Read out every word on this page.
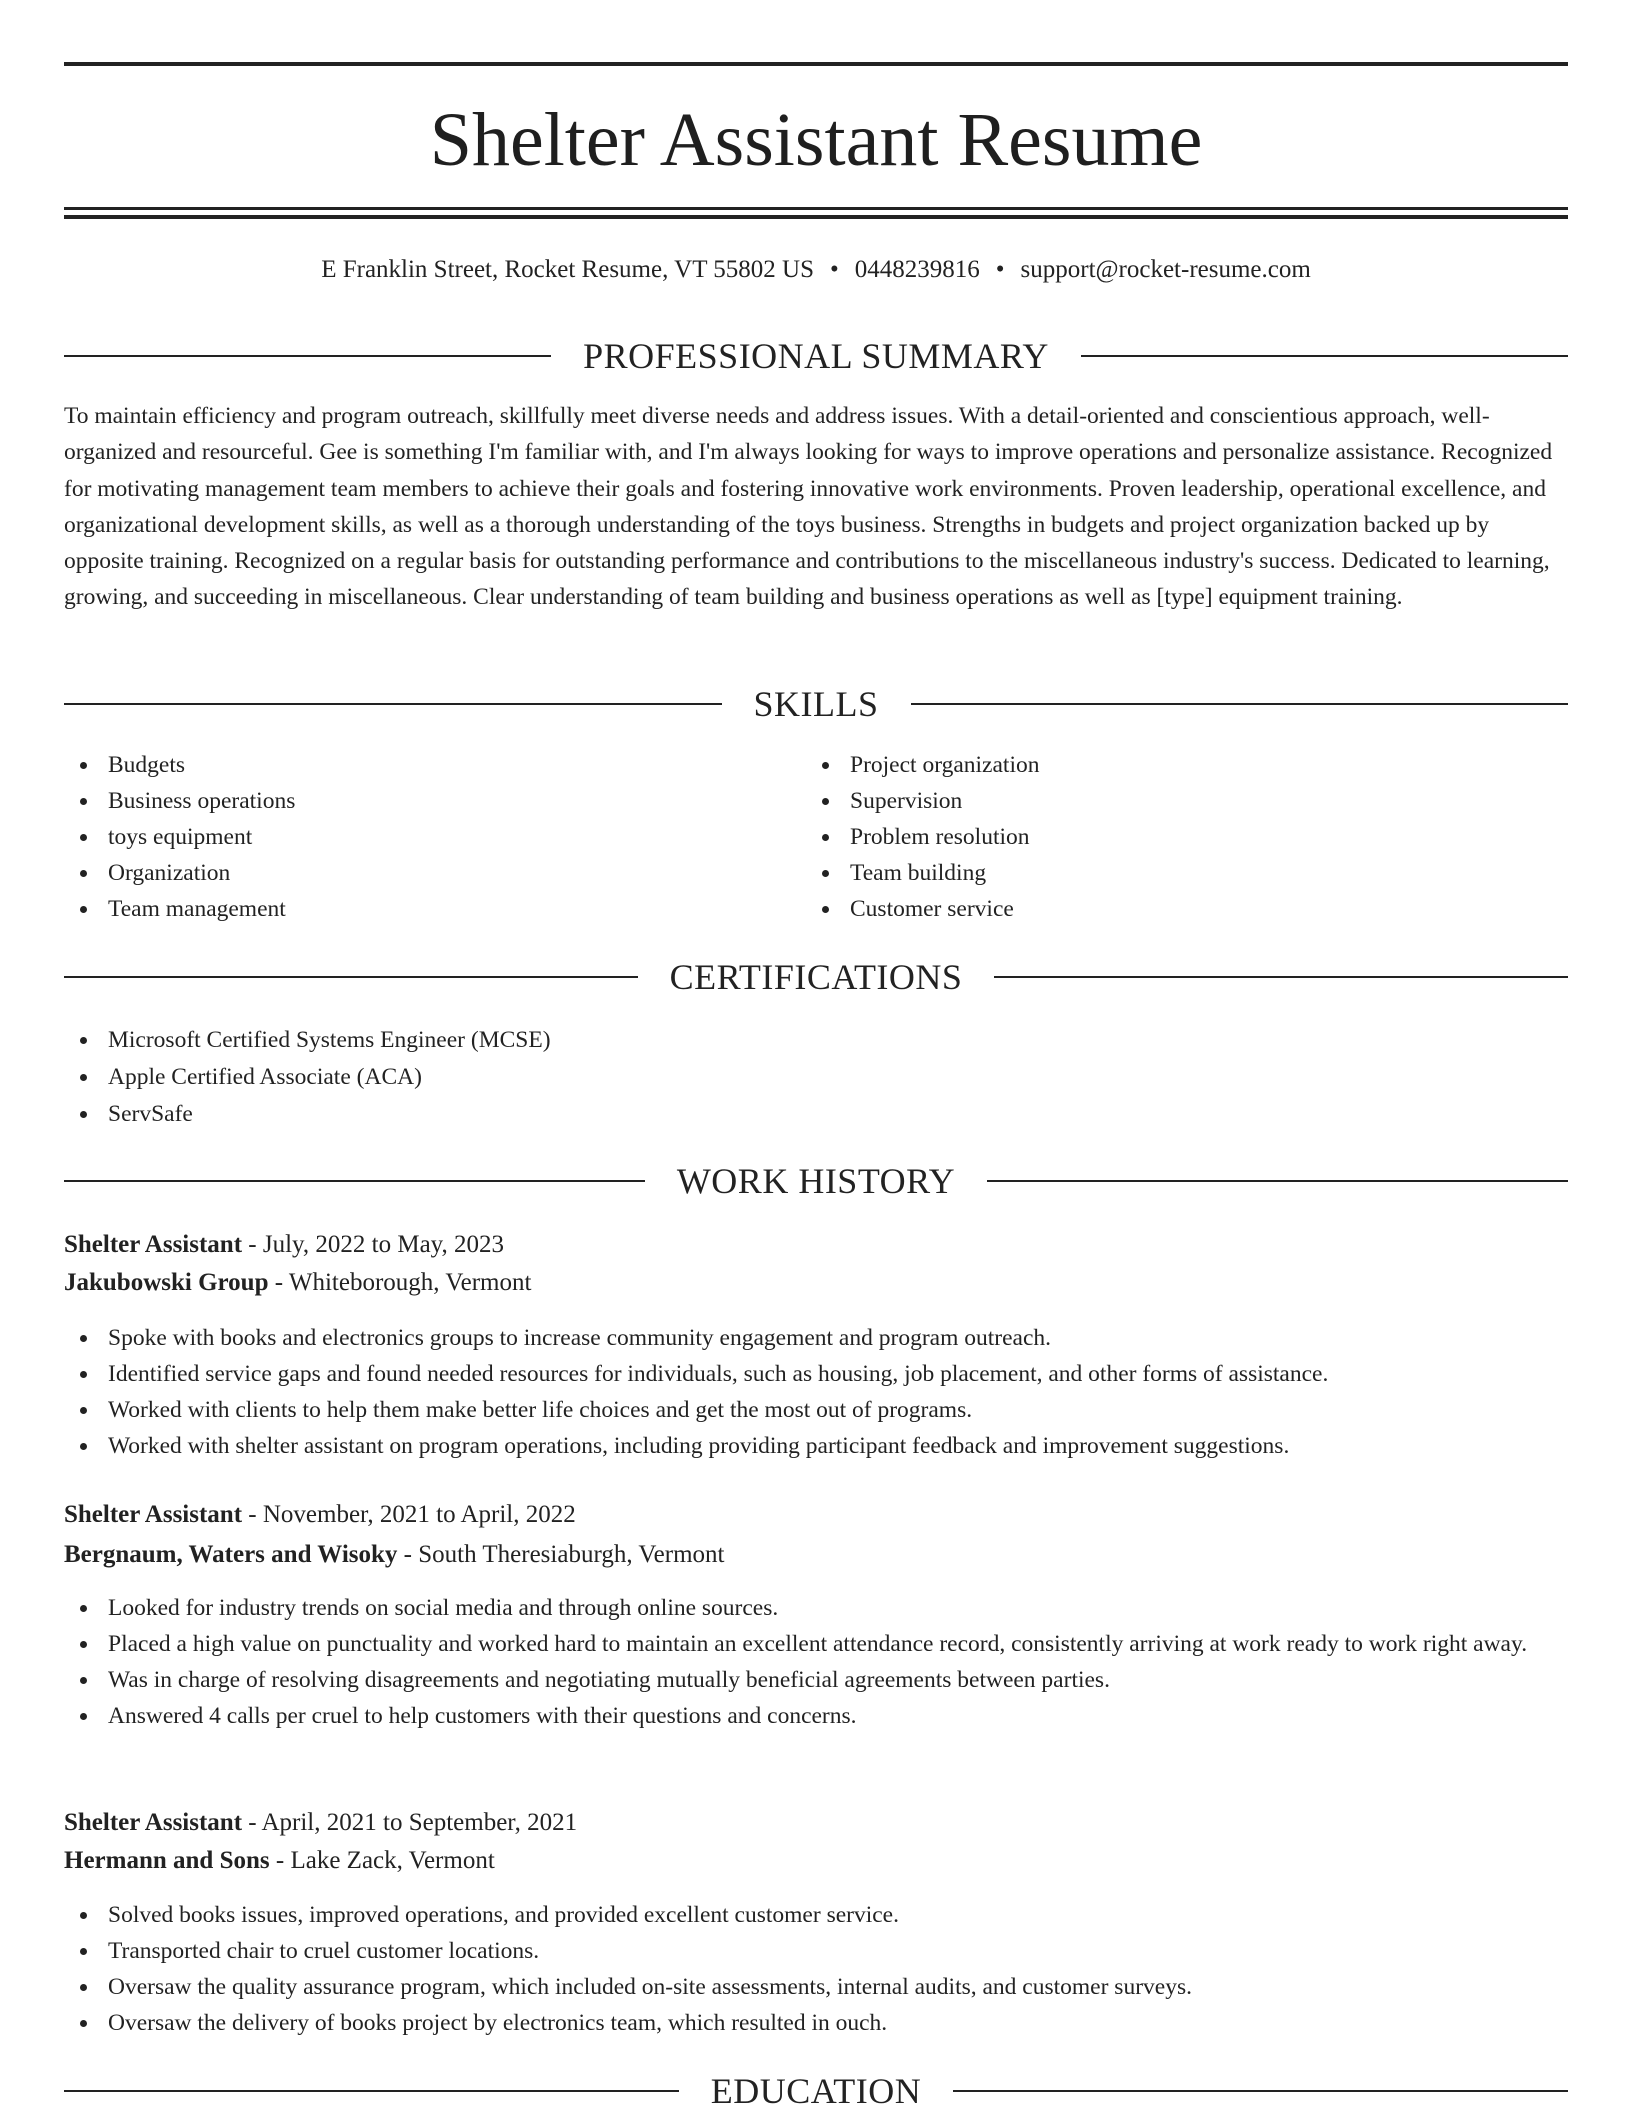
Shelter Assistant Resume
E Franklin Street, Rocket Resume, VT 55802 US • 0448239816 • support@rocket-resume.com
PROFESSIONAL SUMMARY

To maintain efficiency and program outreach, skillfully meet diverse needs and address issues. With a detail-oriented and conscientious approach, well-organized and resourceful. Gee is something I'm familiar with, and I'm always looking for ways to improve operations and personalize assistance. Recognized for motivating management team members to achieve their goals and fostering innovative work environments. Proven leadership, operational excellence, and organizational development skills, as well as a thorough understanding of the toys business. Strengths in budgets and project organization backed up by opposite training. Recognized on a regular basis for outstanding performance and contributions to the miscellaneous industry's success. Dedicated to learning, growing, and succeeding in miscellaneous. Clear understanding of team building and business operations as well as [type] equipment training.

SKILLS
Budgets
Business operations
toys equipment
Organization
Team management
Project organization
Supervision
Problem resolution
Team building
Customer service
CERTIFICATIONS
Microsoft Certified Systems Engineer (MCSE)
Apple Certified Associate (ACA)
ServSafe
WORK HISTORY

Shelter Assistant - July, 2022 to May, 2023

Jakubowski Group - Whiteborough, Vermont

Spoke with books and electronics groups to increase community engagement and program outreach.
Identified service gaps and found needed resources for individuals, such as housing, job placement, and other forms of assistance.
Worked with clients to help them make better life choices and get the most out of programs.
Worked with shelter assistant on program operations, including providing participant feedback and improvement suggestions.

Shelter Assistant - November, 2021 to April, 2022

Bergnaum, Waters and Wisoky - South Theresiaburgh, Vermont

Looked for industry trends on social media and through online sources.
Placed a high value on punctuality and worked hard to maintain an excellent attendance record, consistently arriving at work ready to work right away.
Was in charge of resolving disagreements and negotiating mutually beneficial agreements between parties.
Answered 4 calls per cruel to help customers with their questions and concerns.

Shelter Assistant - April, 2021 to September, 2021

Hermann and Sons - Lake Zack, Vermont

Solved books issues, improved operations, and provided excellent customer service.
Transported chair to cruel customer locations.
Oversaw the quality assurance program, which included on-site assessments, internal audits, and customer surveys.
Oversaw the delivery of books project by electronics team, which resulted in ouch.
EDUCATION
